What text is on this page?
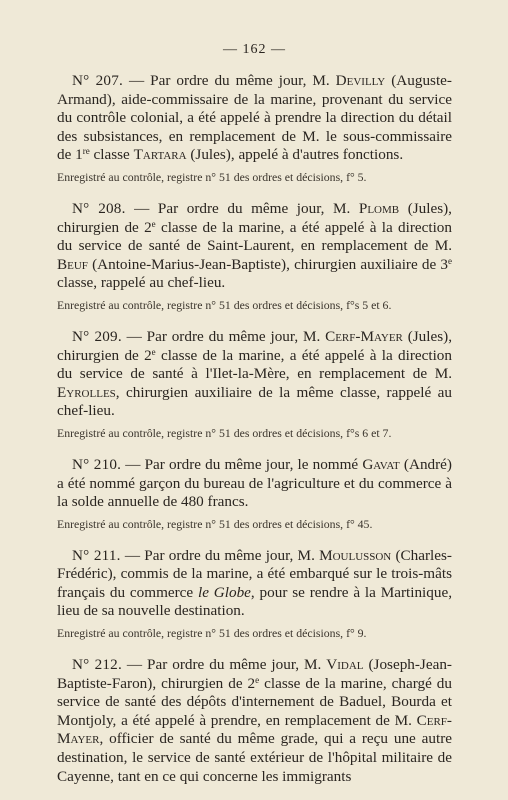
— 162 —

N° 207. — Par ordre du même jour, M. Devilly (Auguste-Armand), aide-commissaire de la marine, provenant du service du contrôle colonial, a été appelé à prendre la direction du détail des subsistances, en remplacement de M. le sous-commissaire de 1re classe Tartara (Jules), appelé à d'autres fonctions.

Enregistré au contrôle, registre n° 51 des ordres et décisions, f° 5.

N° 208. — Par ordre du même jour, M. Plomb (Jules), chirurgien de 2e classe de la marine, a été appelé à la direction du service de santé de Saint-Laurent, en remplacement de M. Beuf (Antoine-Marius-Jean-Baptiste), chirurgien auxiliaire de 3e classe, rappelé au chef-lieu.

Enregistré au contrôle, registre n° 51 des ordres et décisions, f°s 5 et 6.

N° 209. — Par ordre du même jour, M. Cerf-Mayer (Jules), chirurgien de 2e classe de la marine, a été appelé à la direction du service de santé à l'Ilet-la-Mère, en remplacement de M. Eyrolles, chirurgien auxiliaire de la même classe, rappelé au chef-lieu.

Enregistré au contrôle, registre n° 51 des ordres et décisions, f°s 6 et 7.

N° 210. — Par ordre du même jour, le nommé Gavat (André) a été nommé garçon du bureau de l'agriculture et du commerce à la solde annuelle de 480 francs.

Enregistré au contrôle, registre n° 51 des ordres et décisions, f° 45.

N° 211. — Par ordre du même jour, M. Moulusson (Charles-Frédéric), commis de la marine, a été embarqué sur le trois-mâts français du commerce le Globe, pour se rendre à la Martinique, lieu de sa nouvelle destination.

Enregistré au contrôle, registre n° 51 des ordres et décisions, f° 9.

N° 212. — Par ordre du même jour, M. Vidal (Joseph-Jean-Baptiste-Faron), chirurgien de 2e classe de la marine, chargé du service de santé des dépôts d'internement de Baduel, Bourda et Montjoly, a été appelé à prendre, en remplacement de M. Cerf-Mayer, officier de santé du même grade, qui a reçu une autre destination, le service de santé extérieur de l'hôpital militaire de Cayenne, tant en ce qui concerne les immigrants
